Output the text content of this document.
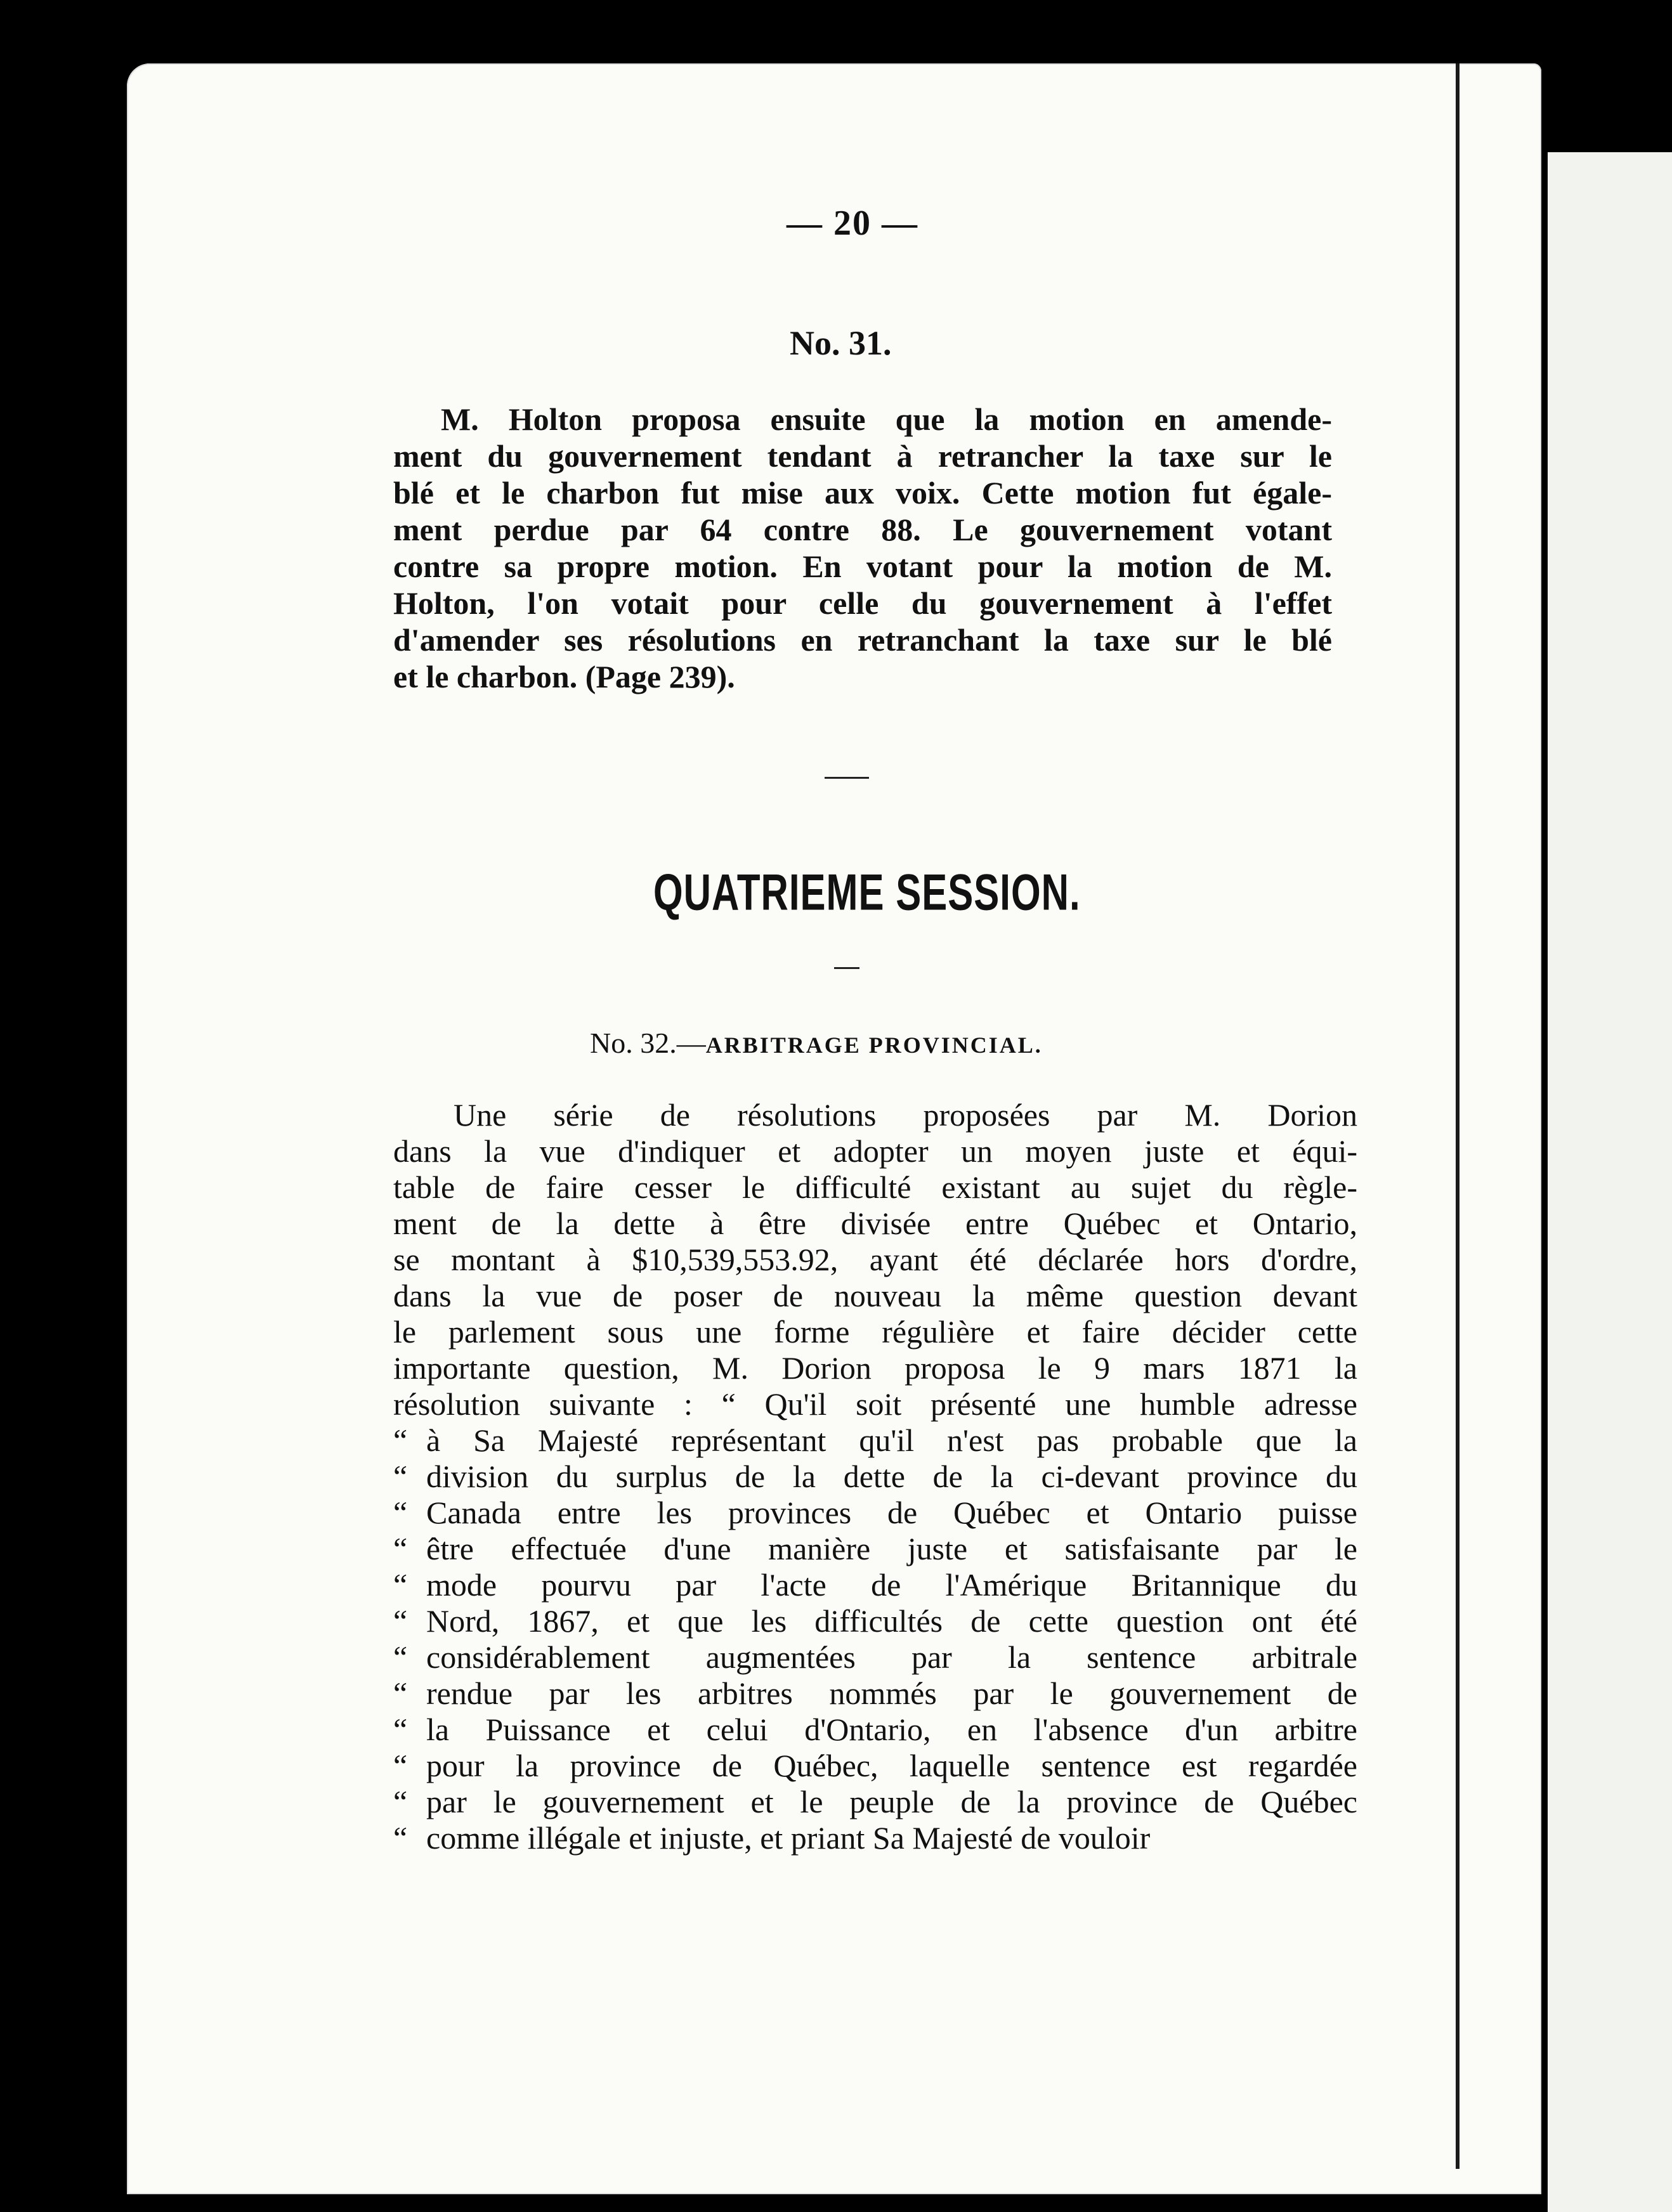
— 20 —
No. 31.
M. Holton proposa ensuite que la motion en amende-
ment du gouvernement tendant à retrancher la taxe sur le
blé et le charbon fut mise aux voix. Cette motion fut égale-
ment perdue par 64 contre 88. Le gouvernement votant
contre sa propre motion. En votant pour la motion de M.
Holton, l'on votait pour celle du gouvernement à l'effet
d'amender ses résolutions en retranchant la taxe sur le blé
et le charbon. (Page 239).
QUATRIEME SESSION.
No. 32.—ARBITRAGE PROVINCIAL.
Une série de résolutions proposées par M. Dorion
dans la vue d'indiquer et adopter un moyen juste et équi-
table de faire cesser le difficulté existant au sujet du règle-
ment de la dette à être divisée entre Québec et Ontario,
se montant à $10,539,553.92, ayant été déclarée hors d'ordre,
dans la vue de poser de nouveau la même question devant
le parlement sous une forme régulière et faire décider cette
importante question, M. Dorion proposa le 9 mars 1871 la
résolution suivante : “ Qu'il soit présenté une humble adresse
“ à Sa Majesté représentant qu'il n'est pas probable que la
“ division du surplus de la dette de la ci-devant province du
“ Canada entre les provinces de Québec et Ontario puisse
“ être effectuée d'une manière juste et satisfaisante par le
“ mode pourvu par l'acte de l'Amérique Britannique du
“ Nord, 1867, et que les difficultés de cette question ont été
“ considérablement augmentées par la sentence arbitrale
“ rendue par les arbitres nommés par le gouvernement de
“ la Puissance et celui d'Ontario, en l'absence d'un arbitre
“ pour la province de Québec, laquelle sentence est regardée
“ par le gouvernement et le peuple de la province de Québec
“ comme illégale et injuste, et priant Sa Majesté de vouloir
